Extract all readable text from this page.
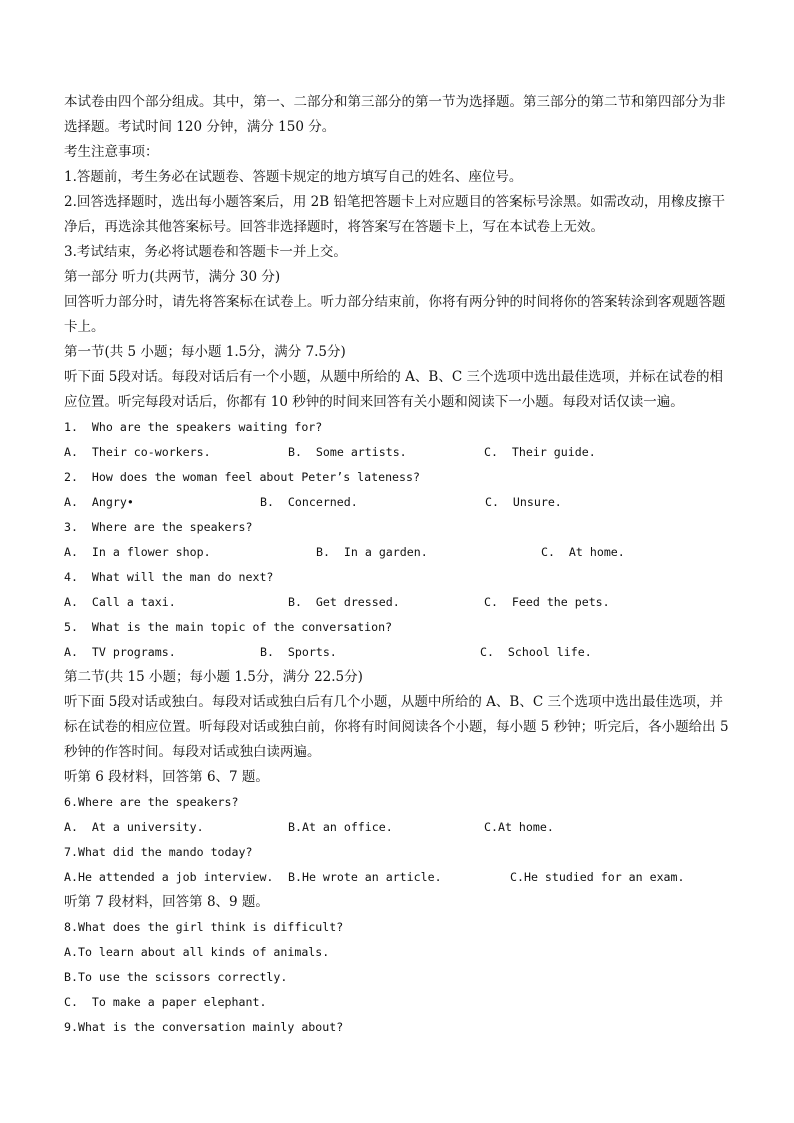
本试卷由四个部分组成。其中，第一、二部分和第三部分的第一节为选择题。第三部分的第二节和第四部分为非选择题。考试时间 120 分钟，满分 150 分。

考生注意事项：

1.答题前，考生务必在试题卷、答题卡规定的地方填写自己的姓名、座位号。

2.回答选择题时，选出每小题答案后，用 2B 铅笔把答题卡上对应题目的答案标号涂黑。如需改动，用橡皮擦干净后，再选涂其他答案标号。回答非选择题时，将答案写在答题卡上，写在本试卷上无效。

3.考试结束，务必将试题卷和答题卡一并上交。

第一部分 听力(共两节，满分 30 分)

回答听力部分时，请先将答案标在试卷上。听力部分结束前，你将有两分钟的时间将你的答案转涂到客观题答题卡上。

第一节(共 5 小题；每小题 1.5分，满分 7.5分)

听下面 5段对话。每段对话后有一个小题，从题中所给的 A、B、C 三个选项中选出最佳选项，并标在试卷的相应位置。听完每段对话后，你都有 10 秒钟的时间来回答有关小题和阅读下一小题。每段对话仅读一遍。

1.  Who are the speakers waiting for?

A.  Their co-workers.	B.  Some artists.	C.  Their guide.

2.  How does the woman feel about Peter’s lateness?

A.  Angry•	B.  Concerned.	C.  Unsure.

3.  Where are the speakers?

A.  In a flower shop.	B.  In a garden.	C.  At home.

4.  What will the man do next?

A.  Call a taxi.	B.  Get dressed.	C.  Feed the pets.

5.  What is the main topic of the conversation?

A.  TV programs.	B.  Sports.	C.  School life.

第二节(共 15 小题；每小题 1.5分，满分 22.5分)

听下面 5段对话或独白。每段对话或独白后有几个小题，从题中所给的 A、B、C 三个选项中选出最佳选项，并标在试卷的相应位置。听每段对话或独白前，你将有时间阅读各个小题，每小题 5 秒钟；听完后，各小题给出 5 秒钟的作答时间。每段对话或独白读两遍。

听第 6 段材料，回答第 6、7 题。

6.Where are the speakers?

A.  At a university.	B.At an office.	C.At home.

7.What did the mando today?

A.He attended a job interview.	B.He wrote an article.	C.He studied for an exam.

听第 7 段材料，回答第 8、9 题。

8.What does the girl think is difficult?

A.To learn about all kinds of animals.

B.To use the scissors correctly.

C.  To make a paper elephant.

9.What is the conversation mainly about?
